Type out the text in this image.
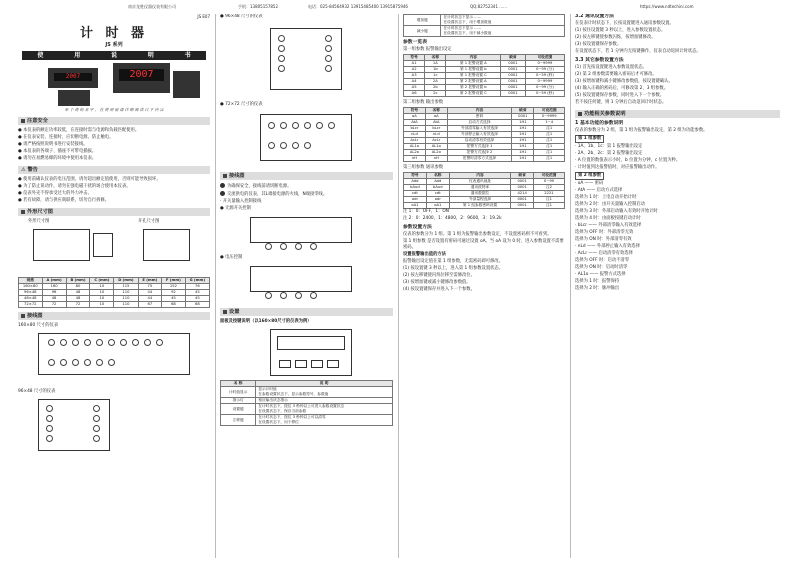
南京龙胜仪器仪表有限公司	手机：13805157852	电话：025-84564932 13915485400 13915875946	QQ:82752341 ......	https://www.ndtechini.com
JS E07
计 时 器
JS 系列
使	用	说	明	书
2007	2007
单 个 使 的 名 字 ， 在 使 用 前 请 详 细 阅 读 以 下 内 容
注意安全
● 本仪表的额定功率较低，在连接时需与电源和负载匹配使用。
● 在仪表安装、连接时，应切断电源，防止触电。
● 请严格按照说明书进行安装接线。
● 本仪表的各端子、插座不可带电插拔。
● 请勿在易燃易爆的环境中使用本仪表。
⚠ 警告
● 使用前确认仪表的电压范围，请勿超出额定值使用，否则可能导致损坏。
● 为了防止误动作，请勿在强电磁干扰的场合使用本仪表。
● 仪表外壳不得承受过大的外力冲击。
● 若有故障，请与供应商联系，切勿自行拆修。
外形尺寸图
外形尺寸图	开孔尺寸图
规格	A (mm)	B (mm)	C (mm)	D (mm)	E (mm)	F (mm)	G (mm)
160×80	160	80	10	115	75	152	76
96×48	96	48	10	110	44	92	45
48×48	48	48	10	110	44	45	45
72×72	72	72	10	110	67	68	68
接线图
160×80 尺寸的仪表
96×48 尺寸的仪表
● 96×48 尺寸的仪表
● 72×72 尺寸的仪表
接线图
为确保安全，接线前请切断电源。
交流供电的仪表，其L端接电源的火线，N端接零线。
· 开关量输入控制接线
● 无源开关控制
● 电压控制
设置
面板及按键说明（以160×80尺寸的仪表为例）
名 称	说 明
计时值显示	显示计时值
在参数设置状态下，显示参数符号、参数值

指示灯	相应输出状态指示

设置键	在计时状态下，按住 3 秒钟以上可进入参数设置状态
在设置状态下，保存当前参数

左移键	在计时状态下，按住 3 秒钟以上可以清零
在设置状态下，用于移位
增加键	在计时状态下显示 ......
在设置状态下，用于增加数值

减小键	在计时状态下显示 ......
在设置状态下，用于减小数值
参数一览表
第一组参数 报警输出设定
符号	名称	内容	缺省	可设范围
A1	1A	第 1 报警设置 A	0001	0~9999
A2	1b	第 1 报警设置 b	0001	0~99 (分)
A3	1c	第 1 报警设置 C	0001	0~59 (秒)
A4	2A	第 2 报警设置 A	0001	0~9999
A5	2b	第 2 报警设置 b	0001	0~99 (分)
A6	2c	第 2 报警设置 C	0001	0~59 (秒)
第二组参数 输出参数
符号	名称	内容	缺省	可设范围
oA	oA	密码	0001	0~9999
AtA	AtA	启动方式选择	1H1	1~4
bLcr	bLcr	外部清零输入有效选择	1H1	注1
nLd	nLd	外部停止输入有效选择	1H1	注1
AcLr	AcLr	启动清零有效选择	1H1	注1
AL1o	AL1o	报警方式选择 1	1H1	注1
AL2o	AL2o	报警方式选择 2	1H1	注1
nH	nH	报警时清零方式选择	1H1	注1
第三组参数 通讯参数
符号	名称	内容	缺省	可设范围
Add	Add	仪表通讯地址	0001	0~99
bAud	bAud	通讯波特率	0001	注2
cdt	cdt	通讯数据位	4214	2221
odr	odr	外部量程选择	0001	注1
oA1	oA1	第 1 组参数密码设置	0001	注1
注 1：0：OFF，1：ON
注 2：0：2400，1：4800，2：9600，3：19.2k
参数设置方法
仪表的参数分为 1 组。第 1 组为报警输出参数设定，不设置密码则不可看到。
第 1 组参数 是否设置有密码可通过设置 oA。当 oA 设为 0 时，进入参数设置不需要密码。
设置报警输出值的方法
报警输出设定值在第 1 组参数，无需密码即可修改。
(1) 按设置键 3 秒以上，进入第 1 组参数设置状态。
(2) 按左移键使闪烁位移至需修改位。
(3) 按增加键或减小键修改参数值。
(4) 按设置键保存并进入下一个参数。
3.2 通讯设置方法
在仪表计时状态下，长按设置键进入通讯参数设置。
(1) 按住设置键 3 秒以上，进入参数设置状态。
(2) 按左移键使参数闪烁，按增加键修改。
(3) 按设置键保存参数。
在设置状态下，若 1 分钟内无按键操作，仪表自动返回计时状态。
3.3 其它参数设置方法
(1) 首先按设置键进入参数设置状态。
(2) 第 2 组参数需要输入密码后才可修改。
(3) 按增加键和减小键修改参数值，按设置键确认。
(4) 输入正确的密码后，可修改第 2、3 组参数。
(5) 按设置键保存参数，同时进入下一个参数。
若不按任何键，则 1 分钟后自动返回计时状态。
功能相关参数说明
1 基本功能的参数说明
仪表的参数分为 2 组，第 1 组为报警输出设定，第 2 组为功能参数。
第 1 组参数
· 1A、1b、1c：第 1 报警输出设定
· 2A、2b、2c：第 2 报警输出设定
· A 位置的数值表示小时，b 位置为分钟，c 位置为秒。
· 计时值到达报警值时，对应报警输出动作。
第 2 组参数
· oA —— 密码
· AtA —— 启动方式选择
选择为 1 时：上电自动开始计时
选择为 2 时：由开关量输入控制启动
选择为 3 时：外部启动输入有效时开始计时
选择为 4 时：由面板按键启动计时
· bLcr —— 外部清零输入有效选择
选择为 OFF 时：外部清零无效
选择为 ON 时：外部清零有效
· nLd —— 外部停止输入有效选择
· AcLr —— 启动清零有效选择
选择为 OFF 时：启动不清零
选择为 ON 时：启动时清零
· AL1o —— 报警方式选择
选择为 1 时：报警保持
选择为 2 时：脉冲输出
